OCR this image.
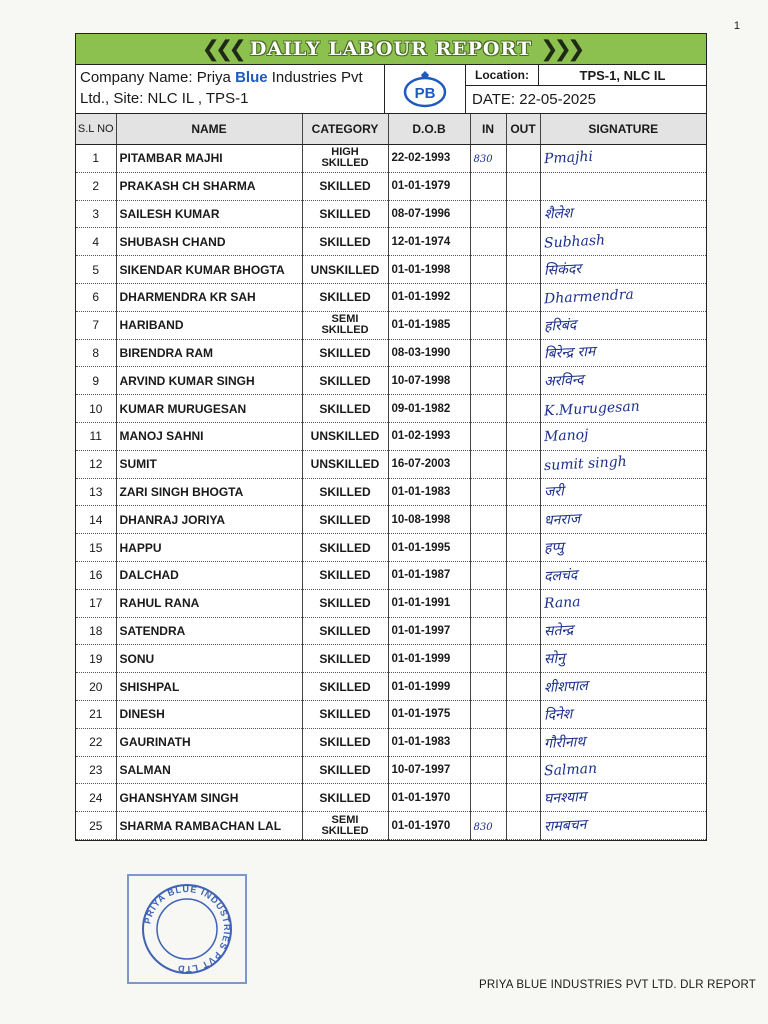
1
❮❮❮ DAILY LABOUR REPORT ❯❯❯
Company Name: Priya Blue Industries Pvt
Ltd., Site: NLC IL , TPS-1	PB
Location:	TPS-1, NLC IL
DATE: 22-05-2025
S.L NO	NAME	CATEGORY	D.O.B	IN	OUT	SIGNATURE
1	PITAMBAR MAJHI	HIGH
SKILLED	22-02-1993	830		Pmajhi
2	PRAKASH CH SHARMA	SKILLED	01-01-1979			
3	SAILESH KUMAR	SKILLED	08-07-1996			शैलेश
4	SHUBASH CHAND	SKILLED	12-01-1974			Subhash
5	SIKENDAR KUMAR BHOGTA	UNSKILLED	01-01-1998			सिकंदर
6	DHARMENDRA KR SAH	SKILLED	01-01-1992			Dharmendra
7	HARIBAND	SEMI
SKILLED	01-01-1985			हरिबंद
8	BIRENDRA RAM	SKILLED	08-03-1990			बिरेन्द्र राम
9	ARVIND KUMAR SINGH	SKILLED	10-07-1998			अरविन्द
10	KUMAR MURUGESAN	SKILLED	09-01-1982			K.Murugesan
11	MANOJ SAHNI	UNSKILLED	01-02-1993			Manoj
12	SUMIT	UNSKILLED	16-07-2003			sumit singh
13	ZARI SINGH BHOGTA	SKILLED	01-01-1983			जरी
14	DHANRAJ JORIYA	SKILLED	10-08-1998			धनराज
15	HAPPU	SKILLED	01-01-1995			हप्पु
16	DALCHAD	SKILLED	01-01-1987			दलचंद
17	RAHUL RANA	SKILLED	01-01-1991			Rana
18	SATENDRA	SKILLED	01-01-1997			सतेन्द्र
19	SONU	SKILLED	01-01-1999			सोनु
20	SHISHPAL	SKILLED	01-01-1999			शीशपाल
21	DINESH	SKILLED	01-01-1975			दिनेश
22	GAURINATH	SKILLED	01-01-1983			गौरीनाथ
23	SALMAN	SKILLED	10-07-1997			Salman
24	GHANSHYAM SINGH	SKILLED	01-01-1970			घनश्याम
25	SHARMA RAMBACHAN LAL	SEMI
SKILLED	01-01-1970	830		रामबचन
PRIYA BLUE INDUSTRIES PVT LTD
PRIYA BLUE INDUSTRIES PVT LTD. DLR REPORT
